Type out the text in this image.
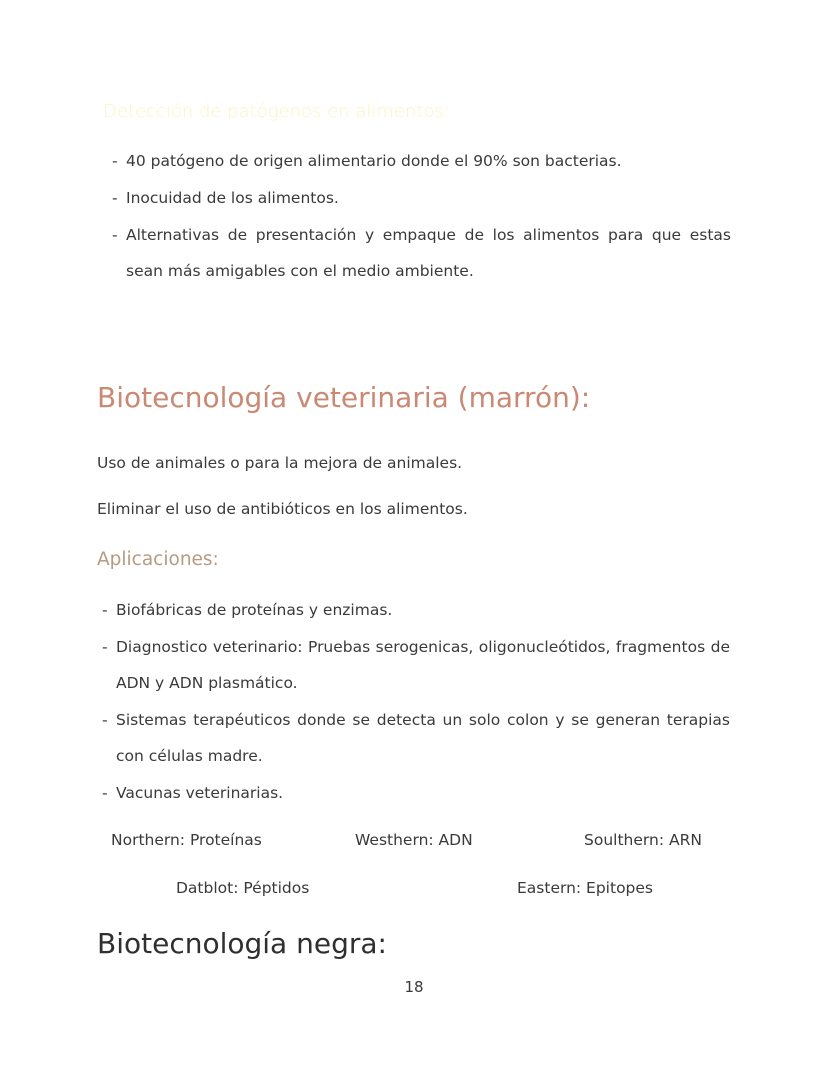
Detección de patógenos en alimentos:
- 40 patógeno de origen alimentario donde el 90% son bacterias.
- Inocuidad de los alimentos.
- Alternativas de presentación y empaque de los alimentos para que estas sean más amigables con el medio ambiente.
Biotecnología veterinaria (marrón):
Uso de animales o para la mejora de animales.
Eliminar el uso de antibióticos en los alimentos.
Aplicaciones:
- Biofábricas de proteínas y enzimas.
- Diagnostico veterinario: Pruebas serogenicas, oligonucleótidos, fragmentos de ADN y ADN plasmático.
- Sistemas terapéuticos donde se detecta un solo colon y se generan terapias con células madre.
- Vacunas veterinarias.
Northern: Proteínas	Westhern: ADN	Soulthern: ARN
Datblot: Péptidos	Eastern: Epitopes
Biotecnología negra:
18
